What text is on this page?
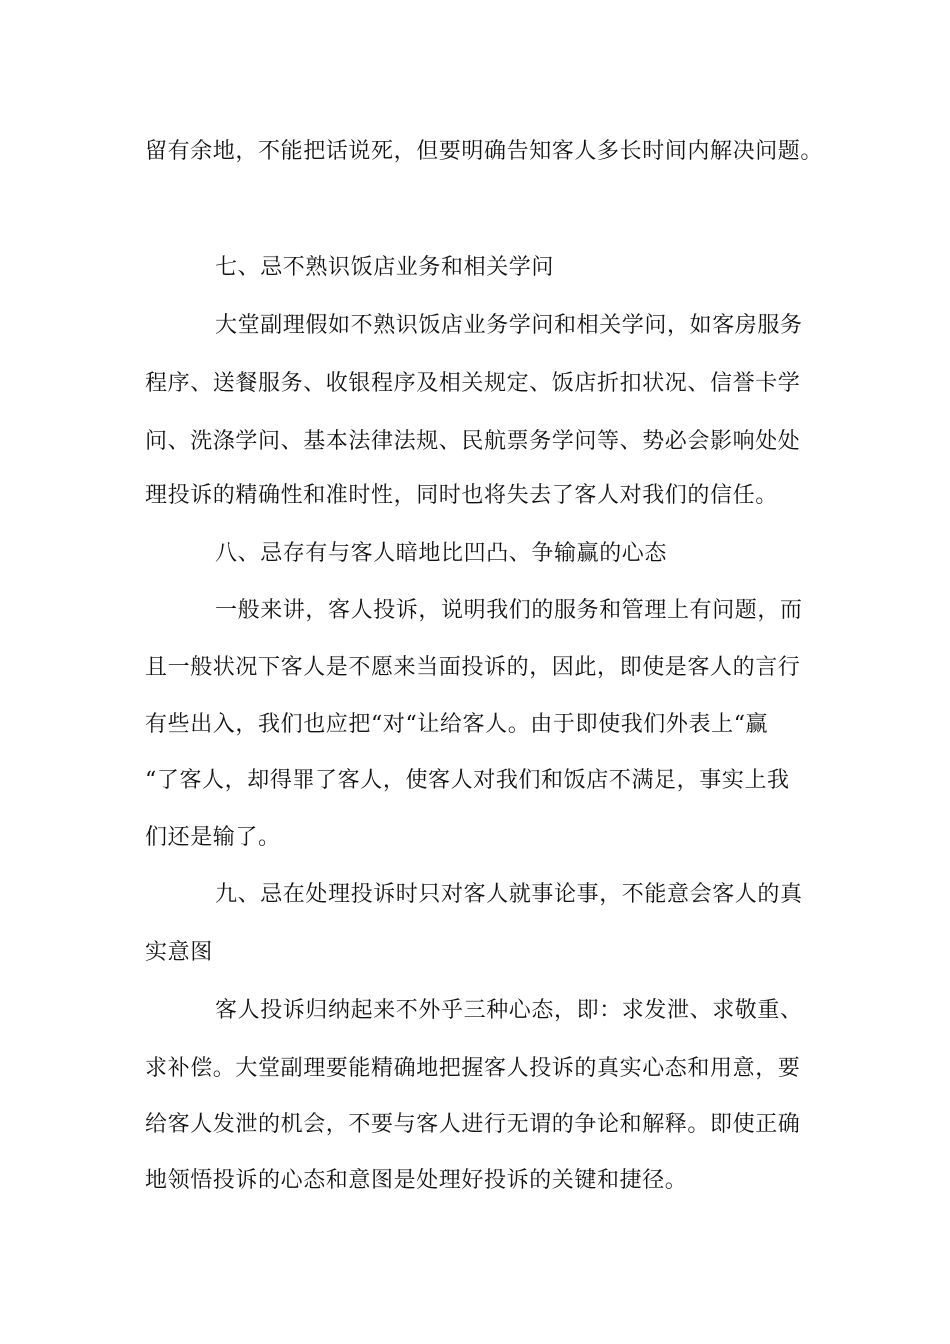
留有余地，不能把话说死，但要明确告知客人多长时间内解决问题。

七、忌不熟识饭店业务和相关学问

大堂副理假如不熟识饭店业务学问和相关学问，如客房服务

程序、送餐服务、收银程序及相关规定、饭店折扣状况、信誉卡学

问、洗涤学问、基本法律法规、民航票务学问等、势必会影响处处

理投诉的精确性和准时性，同时也将失去了客人对我们的信任。

八、忌存有与客人暗地比凹凸、争输赢的心态

一般来讲，客人投诉，说明我们的服务和管理上有问题，而

且一般状况下客人是不愿来当面投诉的，因此，即使是客人的言行

有些出入，我们也应把“对“让给客人。由于即使我们外表上“赢

“了客人，却得罪了客人，使客人对我们和饭店不满足，事实上我

们还是输了。

九、忌在处理投诉时只对客人就事论事，不能意会客人的真

实意图

客人投诉归纳起来不外乎三种心态，即：求发泄、求敬重、

求补偿。大堂副理要能精确地把握客人投诉的真实心态和用意，要

给客人发泄的机会，不要与客人进行无谓的争论和解释。即使正确

地领悟投诉的心态和意图是处理好投诉的关键和捷径。
